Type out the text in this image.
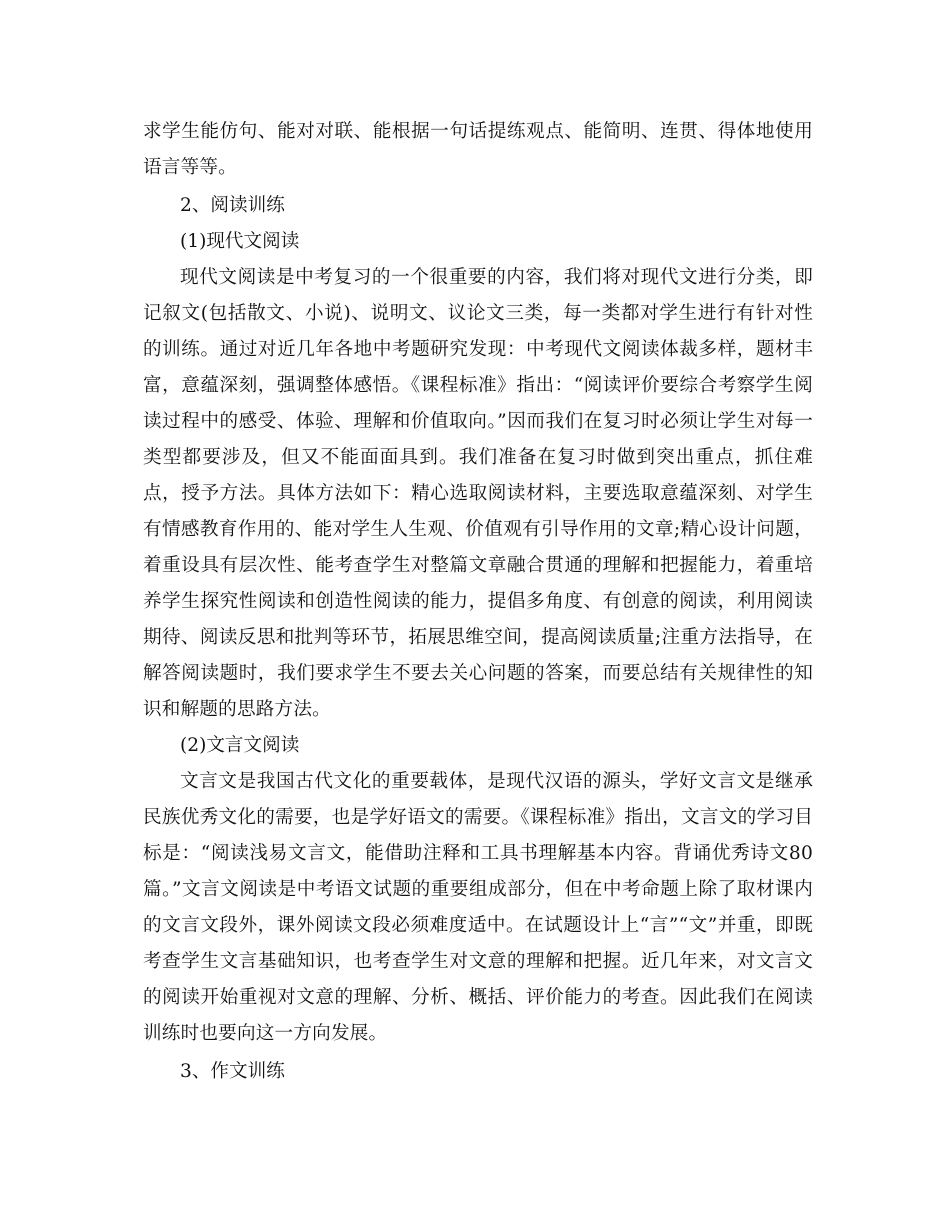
求学生能仿句、能对对联、能根据一句话提练观点、能简明、连贯、得体地使用语言等等。

2、阅读训练

(1)现代文阅读

现代文阅读是中考复习的一个很重要的内容，我们将对现代文进行分类，即记叙文(包括散文、小说)、说明文、议论文三类，每一类都对学生进行有针对性的训练。通过对近几年各地中考题研究发现：中考现代文阅读体裁多样，题材丰富，意蕴深刻，强调整体感悟。《课程标准》指出：“阅读评价要综合考察学生阅读过程中的感受、体验、理解和价值取向。”因而我们在复习时必须让学生对每一类型都要涉及，但又不能面面具到。我们准备在复习时做到突出重点，抓住难点，授予方法。具体方法如下：精心选取阅读材料，主要选取意蕴深刻、对学生有情感教育作用的、能对学生人生观、价值观有引导作用的文章;精心设计问题，着重设具有层次性、能考查学生对整篇文章融合贯通的理解和把握能力，着重培养学生探究性阅读和创造性阅读的能力，提倡多角度、有创意的阅读，利用阅读期待、阅读反思和批判等环节，拓展思维空间，提高阅读质量;注重方法指导，在解答阅读题时，我们要求学生不要去关心问题的答案，而要总结有关规律性的知识和解题的思路方法。

(2)文言文阅读

文言文是我国古代文化的重要载体，是现代汉语的源头，学好文言文是继承民族优秀文化的需要，也是学好语文的需要。《课程标准》指出，文言文的学习目标是：“阅读浅易文言文，能借助注释和工具书理解基本内容。背诵优秀诗文80篇。”文言文阅读是中考语文试题的重要组成部分，但在中考命题上除了取材课内的文言文段外，课外阅读文段必须难度适中。在试题设计上“言”“文”并重，即既考查学生文言基础知识，也考查学生对文意的理解和把握。近几年来，对文言文的阅读开始重视对文意的理解、分析、概括、评价能力的考查。因此我们在阅读训练时也要向这一方向发展。

3、作文训练
